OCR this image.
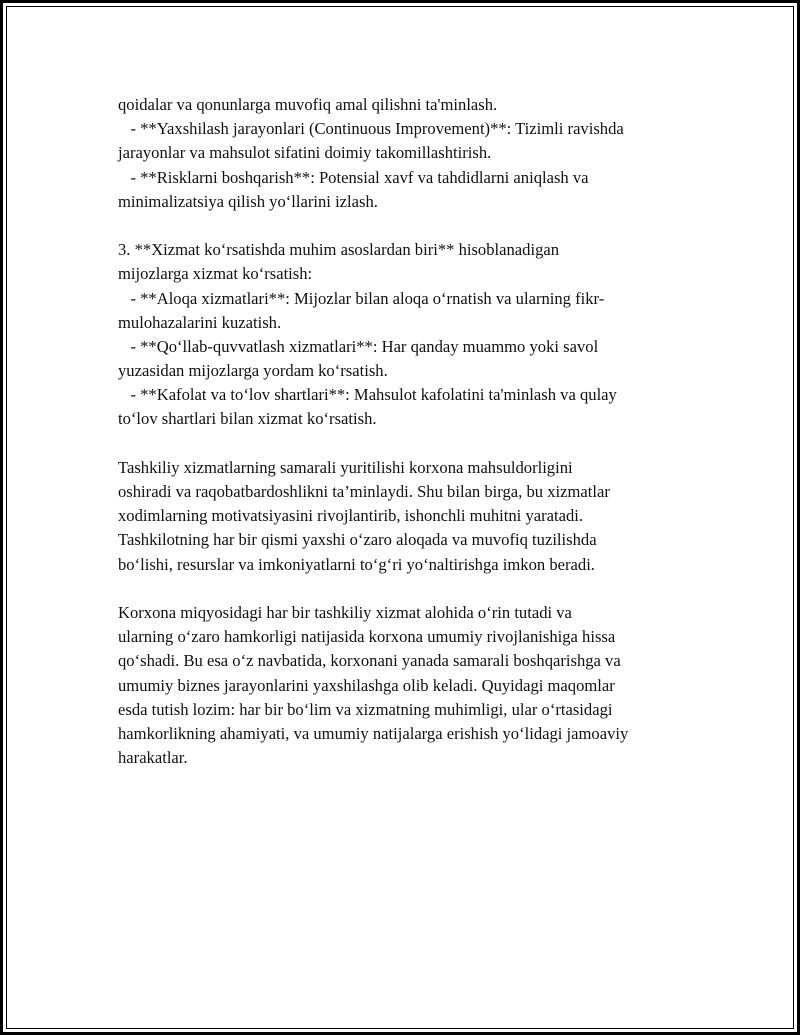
qoidalar va qonunlarga muvofiq amal qilishni ta'minlash.
- **Yaxshilash jarayonlari (Continuous Improvement)**: Tizimli ravishda
jarayonlar va mahsulot sifatini doimiy takomillashtirish.
- **Risklarni boshqarish**: Potensial xavf va tahdidlarni aniqlash va
minimalizatsiya qilish yo‘llarini izlash.
3. **Xizmat ko‘rsatishda muhim asoslardan biri** hisoblanadigan
mijozlarga xizmat ko‘rsatish:
- **Aloqa xizmatlari**: Mijozlar bilan aloqa o‘rnatish va ularning fikr-
mulohazalarini kuzatish.
- **Qo‘llab-quvvatlash xizmatlari**: Har qanday muammo yoki savol
yuzasidan mijozlarga yordam ko‘rsatish.
- **Kafolat va to‘lov shartlari**: Mahsulot kafolatini ta'minlash va qulay
to‘lov shartlari bilan xizmat ko‘rsatish.
Tashkiliy xizmatlarning samarali yuritilishi korxona mahsuldorligini
oshiradi va raqobatbardoshlikni ta’minlaydi. Shu bilan birga, bu xizmatlar
xodimlarning motivatsiyasini rivojlantirib, ishonchli muhitni yaratadi.
Tashkilotning har bir qismi yaxshi o‘zaro aloqada va muvofiq tuzilishda
bo‘lishi, resurslar va imkoniyatlarni to‘g‘ri yo‘naltirishga imkon beradi.
Korxona miqyosidagi har bir tashkiliy xizmat alohida o‘rin tutadi va
ularning o‘zaro hamkorligi natijasida korxona umumiy rivojlanishiga hissa
qo‘shadi. Bu esa o‘z navbatida, korxonani yanada samarali boshqarishga va
umumiy biznes jarayonlarini yaxshilashga olib keladi. Quyidagi maqomlar
esda tutish lozim: har bir bo‘lim va xizmatning muhimligi, ular o‘rtasidagi
hamkorlikning ahamiyati, va umumiy natijalarga erishish yo‘lidagi jamoaviy
harakatlar.
